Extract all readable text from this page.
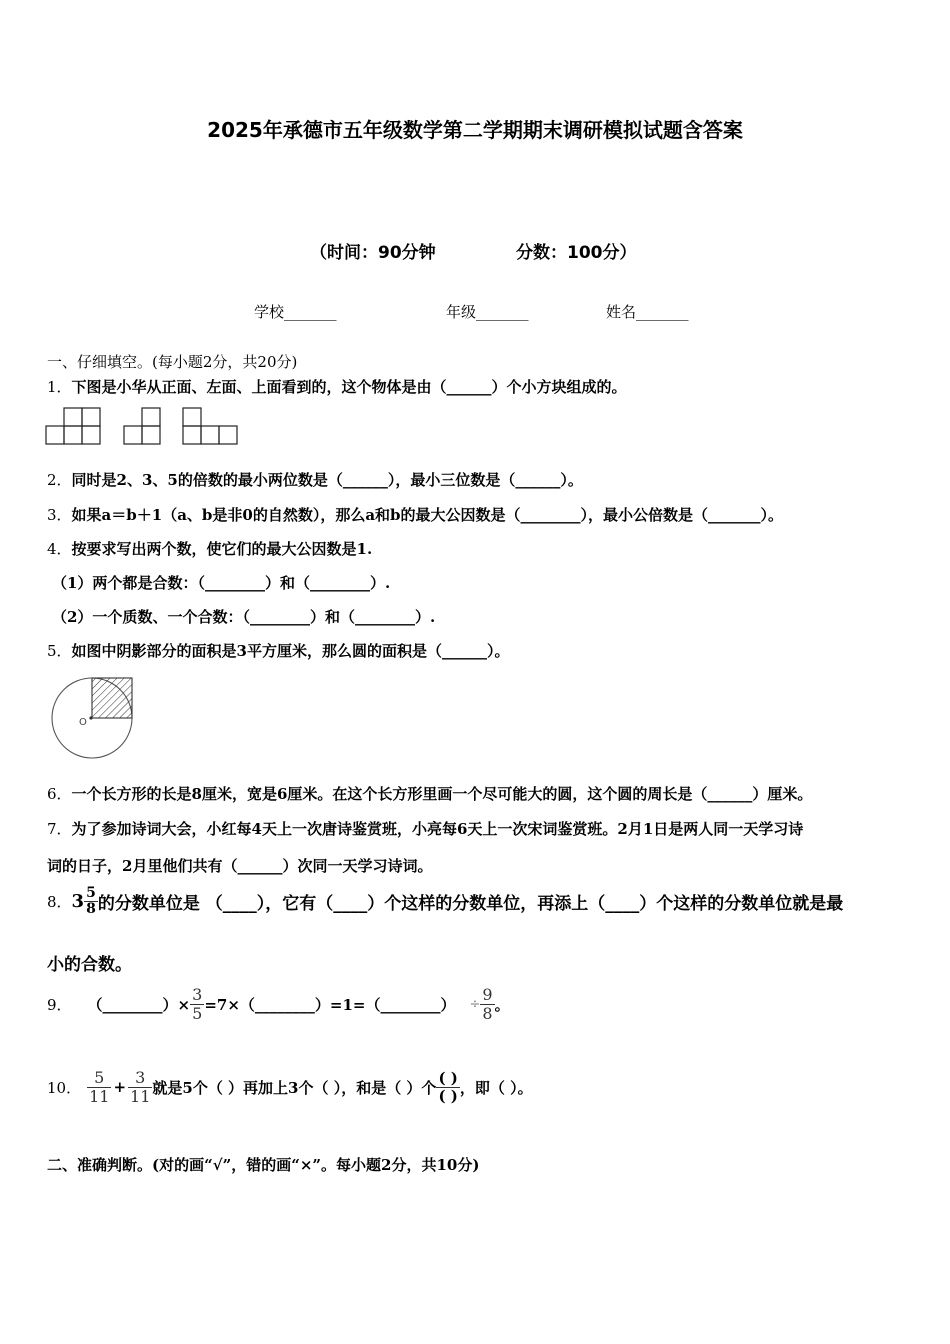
2025年承德市五年级数学第二学期期末调研模拟试题含答案
（时间：90分钟	分数：100分）
学校_______	年级_______	姓名_______
一、仔细填空。(每小题2分，共20分)
1．下图是小华从正面、左面、上面看到的，这个物体是由（______）个小方块组成的。
2．同时是2、3、5的倍数的最小两位数是（______），最小三位数是（______）。
3．如果a＝b＋1（a、b是非0的自然数），那么a和b的最大公因数是（________），最小公倍数是（_______）。
4．按要求写出两个数，使它们的最大公因数是1.
（1）两个都是合数：（________）和（________）.
（2）一个质数、一个合数：（________）和（________）.
5．如图中阴影部分的面积是3平方厘米，那么圆的面积是（______）。
O
6．一个长方形的长是8厘米，宽是6厘米。在这个长方形里画一个尽可能大的圆，这个圆的周长是（______）厘米。
7．为了参加诗词大会，小红每4天上一次唐诗鉴赏班，小亮每6天上一次宋词鉴赏班。2月1日是两人同一天学习诗
词的日子，2月里他们共有（______）次同一天学习诗词。
8． $3 \frac{5}{8}$ 的分数单位是 （____），它有（____）个这样的分数单位，再添上（____）个这样的分数单位就是最
小的合数。
9． （________）× $\frac{3}{5}$ =7×（________）=1=（________） ÷ $\frac{9}{8}$ 。
10． $\frac{5}{11} + \frac{3}{11}$ 就是5个（ ）再加上3个（ ），和是（ ）个 $\frac{( )}{( )}$ ，即（ ）。
二、准确判断。(对的画“√”，错的画“×”。每小题2分，共10分)
